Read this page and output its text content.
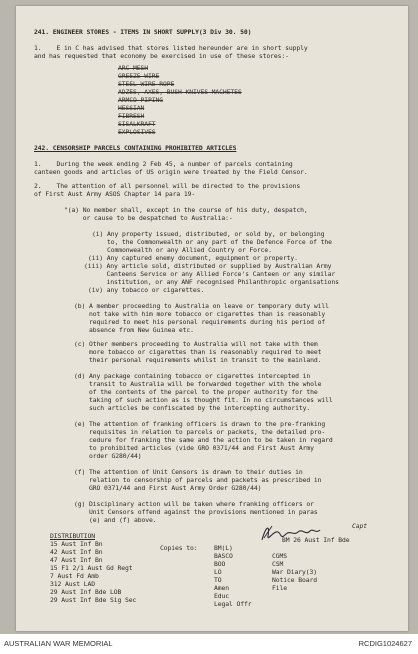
241. ENGINEER STORES - ITEMS IN SHORT SUPPLY(3 Div 30. 50)
1.    E in C has advised that stores listed hereunder are in short supply
and has requested that economy be exercised in use of these stores:-
ARC MESH
GREEZE WIRE
STEEL WIRE ROPE
ADZES, AXES, BUSH KNIVES MACHETES
ARMCO PIPING
HESSIAN
FIBRESH
SISALKRAFT
EXPLOSIVES
242. CENSORSHIP PARCELS CONTAINING PROHIBITED ARTICLES
1.    During the week ending 2 Feb 45, a number of parcels containing
canteen goods and articles of US origin were treated by the Field Censor.
2.    The attention of all personnel will be directed to the provisions
of First Aust Army ASOS Chapter 14 para 19-
"(a) No member shall, except in the course of his duty, despatch,
or cause to be despatched to Australia:-
(i) Any property issued, distributed, or sold by, or belonging
to, the Commonwealth or any part of the Defence Force of the
Commonwealth or any Allied Country or Force.
(ii) Any captured enemy document, equipment or property.
(iii) Any article sold, distributed or supplied by Australian Army
Canteens Service or any Allied Force's Canteen or any similar
institution, or any ANF recognised Philanthropic organisations
(iv) any tobacco or cigarettes.
(b) A member proceeding to Australia on leave or temporary duty will
not take with him more tobacco or cigarettes than is reasonably
required to meet his personal requirements during his period of
absence from New Guinea etc.
(c) Other members proceeding to Australia will not take with them
more tobacco or cigarettes than is reasonably required to meet
their personal requirements whilst in transit to the mainland.
(d) Any package containing tobacco or cigarettes intercepted in
transit to Australia will be forwarded together with the whole
of the contents of the parcel to the proper authority for the
taking of such action as is thought fit. In no circumstances will
such articles be confiscated by the intercepting authority.
(e) The attention of franking officers is drawn to the pre-franking
requisites in relation to parcels or packets, the detailed pro-
cedure for franking the same and the action to be taken in regard
to prohibited articles (vide GRO 0371/44 and First Aust Army
order G280/44)
(f) The attention of Unit Censors is drawn to their duties in
relation to censorship of parcels and packets as prescribed in
GRO 0371/44 and First Aust Army Order G280/44)
(g) Disciplinary action will be taken where franking officers or
Unit Censors offend against the provisions mentioned in paras
(e) and (f) above.
Capt
BM 26 Aust Inf Bde
DISTRIBUTION
15 Aust Inf Bn
42 Aust Inf Bn
47 Aust Inf Bn
15 F1 2/1 Aust Gd Regt
7 Aust Fd Amb
312 Aust LAD
29 Aust Inf Bde LOB
29 Aust Inf Bde Sig Sec
Copies to:	BM(L)
BASCO
BOO
LO
TO
Amen
Educ
Legal Offr
CGMS
CSM
War Diary(3)
Notice Board
File
AUSTRALIAN WAR MEMORIAL	RCDIG1024627
